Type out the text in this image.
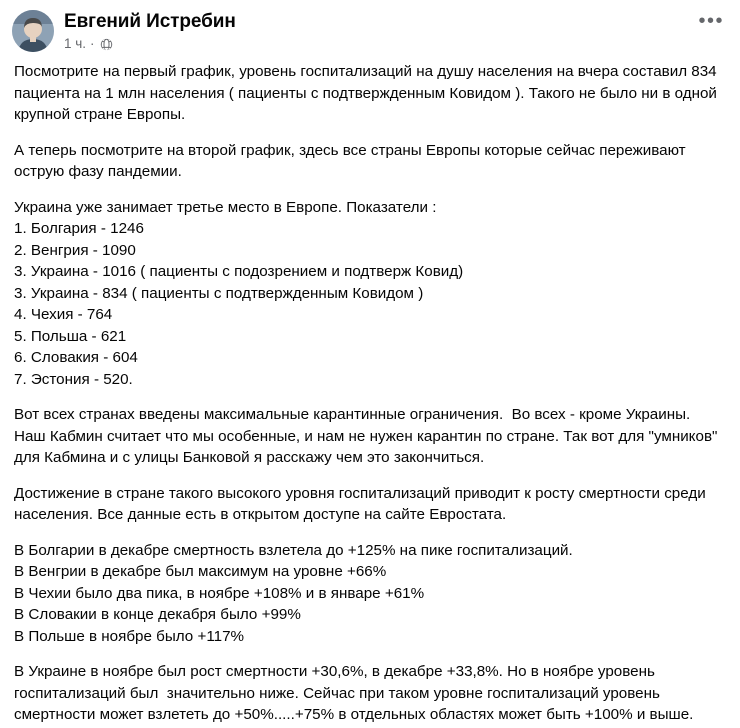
Евгений Истребин
1 ч. ·
•••

Посмотрите на первый график, уровень госпитализаций на душу населения на вчера составил 834 пациента на 1 млн населения ( пациенты с подтвержденным Ковидом ). Такого не было ни в одной крупной стране Европы.

А теперь посмотрите на второй график, здесь все страны Европы которые сейчас переживают острую фазу пандемии.

Украина уже занимает третье место в Европе. Показатели :

1. Болгария - 1246

2. Венгрия - 1090

3. Украина - 1016 ( пациенты с подозрением и подтверж Ковид)

3. Украина - 834 ( пациенты с подтвержденным Ковидом )

4. Чехия - 764

5. Польша - 621

6. Словакия - 604

7. Эстония - 520.

Вот всех странах введены максимальные карантинные ограничения.  Во всех - кроме Украины. Наш Кабмин считает что мы особенные, и нам не нужен карантин по стране. Так вот для "умников" для Кабмина и с улицы Банковой я расскажу чем это закончиться.

Достижение в стране такого высокого уровня госпитализаций приводит к росту смертности среди населения. Все данные есть в открытом доступе на сайте Евростата.

В Болгарии в декабре смертность взлетела до +125% на пике госпитализаций.

В Венгрии в декабре был максимум на уровне +66%

В Чехии было два пика, в ноябре +108% и в январе +61%

В Словакии в конце декабря было +99%

В Польше в ноябре было +117%

В Украине в ноябре был рост смертности +30,6%, в декабре +33,8%. Но в ноябре уровень госпитализаций был  значительно ниже. Сейчас при таком уровне госпитализаций уровень смертности может взлететь до +50%.....+75% в отдельных областях может быть +100% и выше.
